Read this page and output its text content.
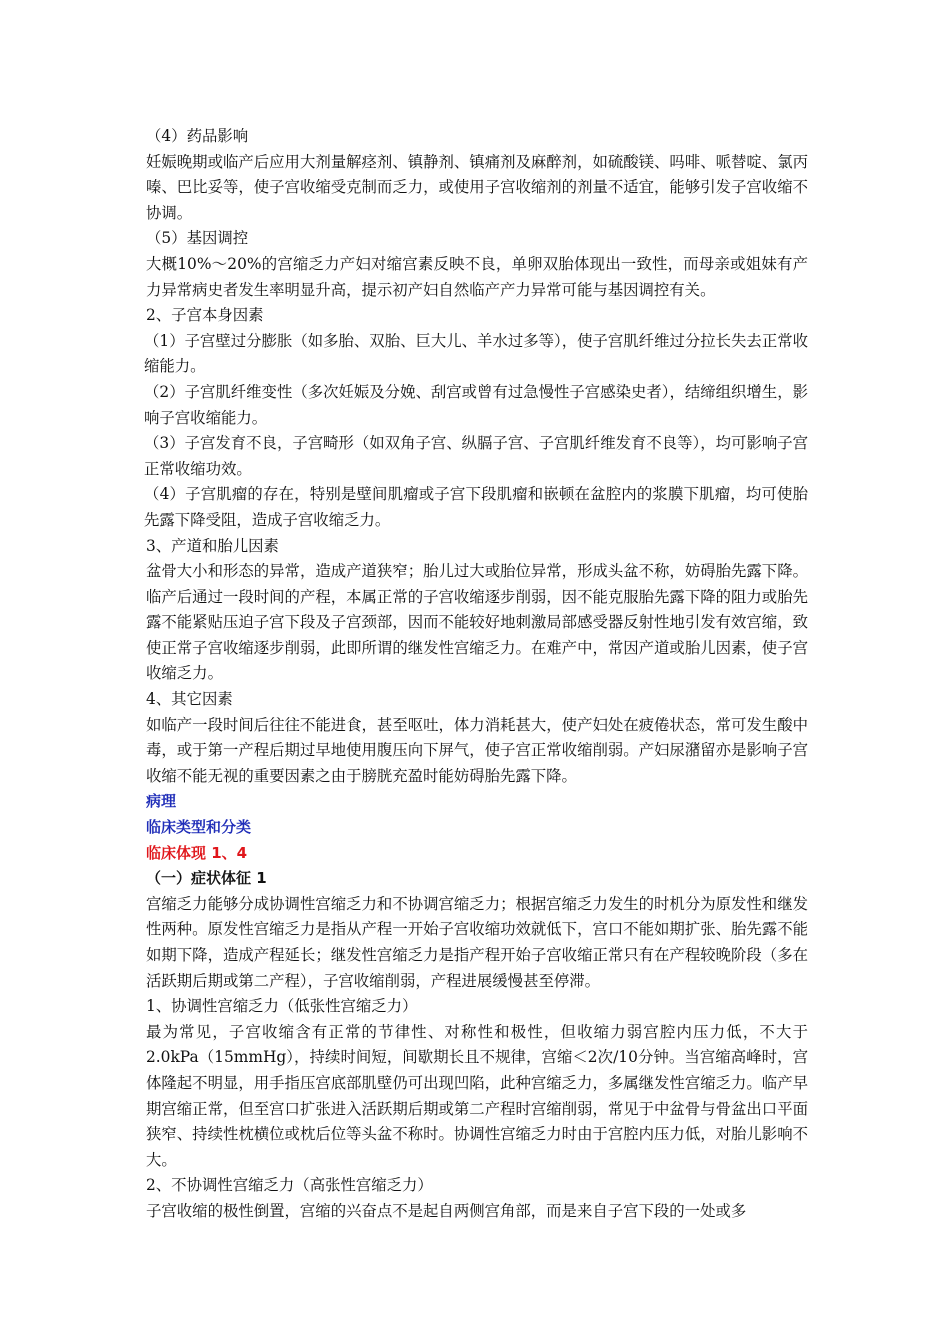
（4）药品影响

妊娠晚期或临产后应用大剂量解痉剂、镇静剂、镇痛剂及麻醉剂，如硫酸镁、吗啡、哌替啶、氯丙嗪、巴比妥等，使子宫收缩受克制而乏力，或使用子宫收缩剂的剂量不适宜，能够引发子宫收缩不协调。

（5）基因调控

大概10%～20%的宫缩乏力产妇对缩宫素反映不良，单卵双胎体现出一致性，而母亲或姐妹有产力异常病史者发生率明显升高，提示初产妇自然临产产力异常可能与基因调控有关。

2、子宫本身因素

（1）子宫壁过分膨胀（如多胎、双胎、巨大儿、羊水过多等），使子宫肌纤维过分拉长失去正常收缩能力。

（2）子宫肌纤维变性（多次妊娠及分娩、刮宫或曾有过急慢性子宫感染史者），结缔组织增生，影响子宫收缩能力。

（3）子宫发育不良，子宫畸形（如双角子宫、纵膈子宫、子宫肌纤维发育不良等），均可影响子宫正常收缩功效。

（4）子宫肌瘤的存在，特别是壁间肌瘤或子宫下段肌瘤和嵌顿在盆腔内的浆膜下肌瘤，均可使胎先露下降受阻，造成子宫收缩乏力。

3、产道和胎儿因素

盆骨大小和形态的异常，造成产道狭窄；胎儿过大或胎位异常，形成头盆不称，妨碍胎先露下降。临产后通过一段时间的产程，本属正常的子宫收缩逐步削弱，因不能克服胎先露下降的阻力或胎先露不能紧贴压迫子宫下段及子宫颈部，因而不能较好地刺激局部感受器反射性地引发有效宫缩，致使正常子宫收缩逐步削弱，此即所谓的继发性宫缩乏力。在难产中，常因产道或胎儿因素，使子宫收缩乏力。

4、其它因素

如临产一段时间后往往不能进食，甚至呕吐，体力消耗甚大，使产妇处在疲倦状态，常可发生酸中毒，或于第一产程后期过早地使用腹压向下屏气，使子宫正常收缩削弱。产妇尿潴留亦是影响子宫收缩不能无视的重要因素之由于膀胱充盈时能妨碍胎先露下降。

病理

临床类型和分类

临床体现 1、4

（一）症状体征 1

宫缩乏力能够分成协调性宫缩乏力和不协调宫缩乏力；根据宫缩乏力发生的时机分为原发性和继发性两种。原发性宫缩乏力是指从产程一开始子宫收缩功效就低下，宫口不能如期扩张、胎先露不能如期下降，造成产程延长；继发性宫缩乏力是指产程开始子宫收缩正常只有在产程较晚阶段（多在活跃期后期或第二产程），子宫收缩削弱，产程进展缓慢甚至停滞。

1、协调性宫缩乏力（低张性宫缩乏力）

最为常见，子宫收缩含有正常的节律性、对称性和极性，但收缩力弱宫腔内压力低，不大于2.0kPa（15mmHg），持续时间短，间歇期长且不规律，宫缩＜2次/10分钟。当宫缩高峰时，宫体隆起不明显，用手指压宫底部肌壁仍可出现凹陷，此种宫缩乏力，多属继发性宫缩乏力。临产早期宫缩正常，但至宫口扩张进入活跃期后期或第二产程时宫缩削弱，常见于中盆骨与骨盆出口平面狭窄、持续性枕横位或枕后位等头盆不称时。协调性宫缩乏力时由于宫腔内压力低，对胎儿影响不大。

2、不协调性宫缩乏力（高张性宫缩乏力）

子宫收缩的极性倒置，宫缩的兴奋点不是起自两侧宫角部，而是来自子宫下段的一处或多
